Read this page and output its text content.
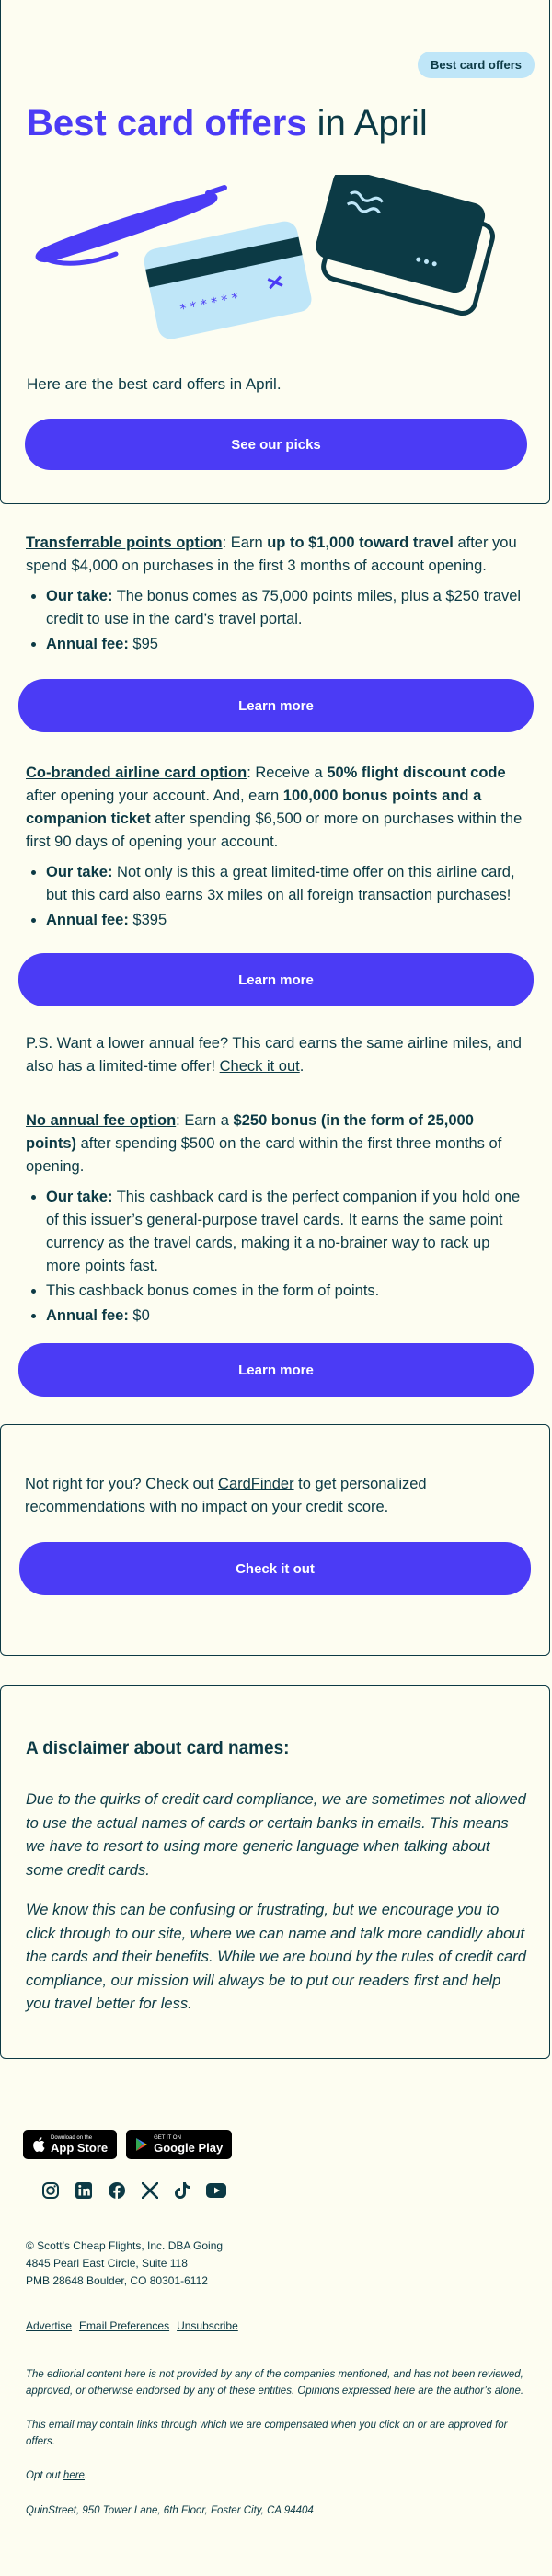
Best card offers
Best card offers in April
* * * * * *
Here are the best card offers in April.
See our picks

Transferrable points option: Earn up to $1,000 toward travel after you spend $4,000 on purchases in the first 3 months of account opening.

• Our take: The bonus comes as 75,000 points miles, plus a $250 travel credit to use in the card’s travel portal.
• Annual fee: $95
Learn more

Co-branded airline card option: Receive a 50% flight discount code after opening your account. And, earn 100,000 bonus points and a companion ticket after spending $6,500 or more on purchases within the first 90 days of opening your account.

• Our take: Not only is this a great limited-time offer on this airline card, but this card also earns 3x miles on all foreign transaction purchases!
• Annual fee: $395
Learn more

P.S. Want a lower annual fee? This card earns the same airline miles, and also has a limited-time offer! Check it out.

No annual fee option: Earn a $250 bonus (in the form of 25,000 points) after spending $500 on the card within the first three months of opening.

• Our take: This cashback card is the perfect companion if you hold one of this issuer’s general-purpose travel cards. It earns the same point currency as the travel cards, making it a no-brainer way to rack up more points fast.
• This cashback bonus comes in the form of points.
• Annual fee: $0
Learn more

Not right for you? Check out CardFinder to get personalized recommendations with no impact on your credit score.

Check it out
A disclaimer about card names:
Due to the quirks of credit card compliance, we are sometimes not allowed to use the actual names of cards or certain banks in emails. This means we have to resort to using more generic language when talking about some credit cards.
We know this can be confusing or frustrating, but we encourage you to click through to our site, where we can name and talk more candidly about the cards and their benefits. While we are bound by the rules of credit card compliance, our mission will always be to put our readers first and help you travel better for less.
Download on the
App Store
GET IT ON
Google Play
© Scott’s Cheap Flights, Inc. DBA Going
4845 Pearl East Circle, Suite 118
PMB 28648 Boulder, CO 80301-6112
Advertise Email Preferences Unsubscribe
The editorial content here is not provided by any of the companies mentioned, and has not been reviewed, approved, or otherwise endorsed by any of these entities. Opinions expressed here are the author’s alone.
This email may contain links through which we are compensated when you click on or are approved for offers.
Opt out here.
QuinStreet, 950 Tower Lane, 6th Floor, Foster City, CA 94404
